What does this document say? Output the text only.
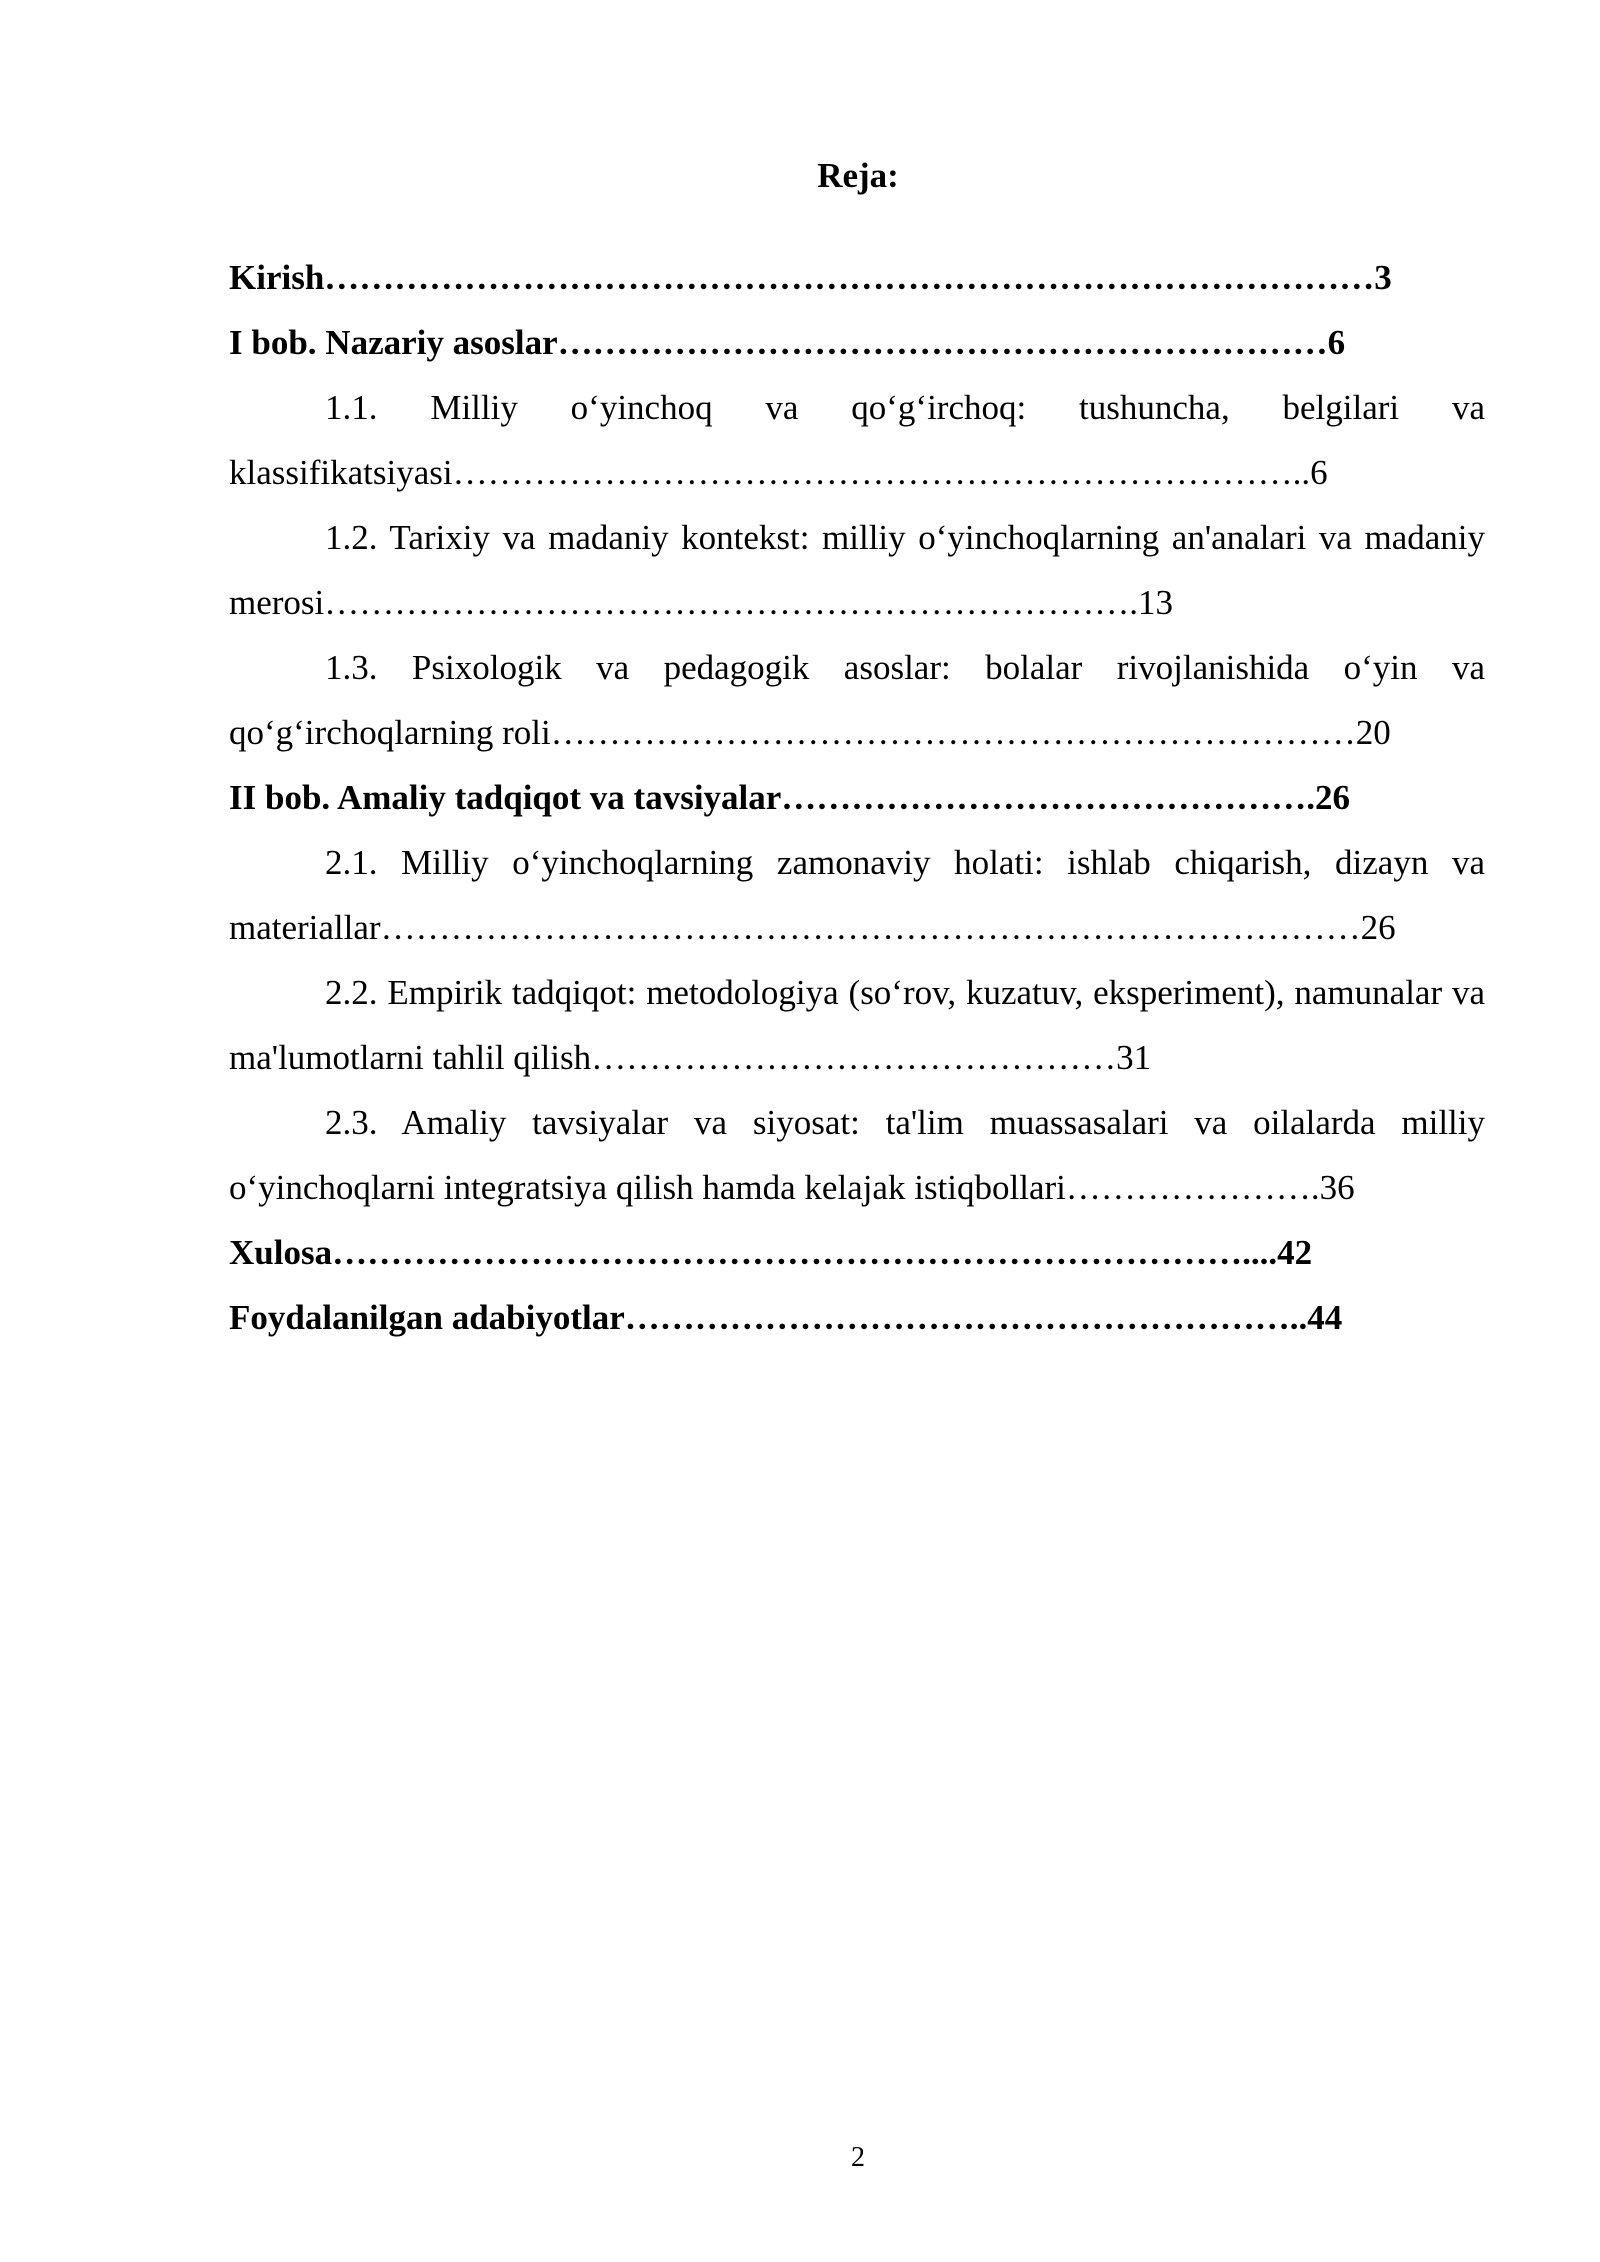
Reja:

Kirish………………………………………………………………………………3

I bob. Nazariy asoslar…………………………………………………………6

1.1. Milliy o‘yinchoq va qo‘g‘irchoq: tushuncha, belgilari va klassifikatsiyasi………………………………………………………………..6

1.2. Tarixiy va madaniy kontekst: milliy o‘yinchoqlarning an'analari va madaniy merosi…………………………………………………………….13

1.3. Psixologik va pedagogik asoslar: bolalar rivojlanishida o‘yin va qo‘g‘irchoqlarning roli……………………………………………………………20

II bob. Amaliy tadqiqot va tavsiyalar……………………………………….26

2.1. Milliy o‘yinchoqlarning zamonaviy holati: ishlab chiqarish, dizayn va materiallar…………………………………………………………………………26

2.2. Empirik tadqiqot: metodologiya (so‘rov, kuzatuv, eksperiment), namunalar va ma'lumotlarni tahlil qilish………………………………………31

2.3. Amaliy tavsiyalar va siyosat: ta'lim muassasalari va oilalarda milliy o‘yinchoqlarni integratsiya qilish hamda kelajak istiqbollari………………….36

Xulosa……………………………………………………………………....42

Foydalanilgan adabiyotlar…………………………………………………..44

2
